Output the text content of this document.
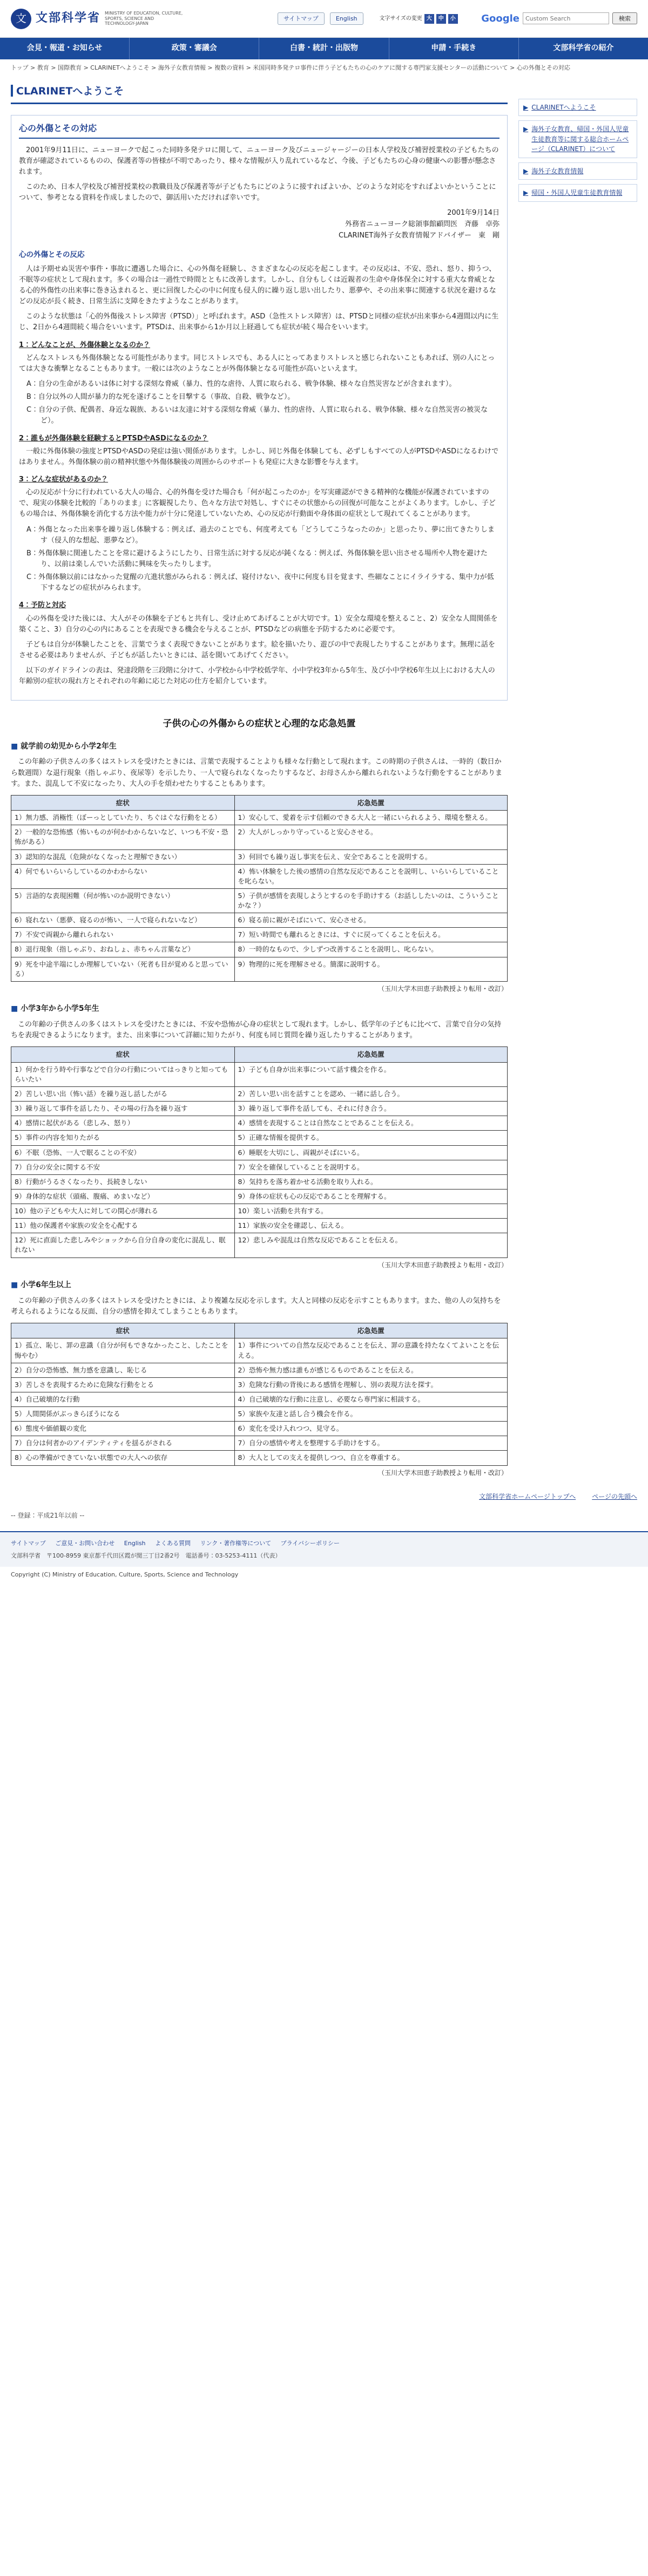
文 文部科学省 MINISTRY OF EDUCATION, CULTURE, SPORTS, SCIENCE AND TECHNOLOGY-JAPAN
サイトマップ	English	文字サイズの変更 大	中	小	Google
Custom Search	検索
会見・報道・お知らせ	政策・審議会	白書・統計・出版物	申請・手続き	文部科学省の紹介
トップ > 教育 > 国際教育 > CLARINETへようこそ > 海外子女教育情報 > 複数の資料 > 米国同時多発テロ事件に伴う子どもたちの心のケアに関する専門家支援センターの活動について > 心の外傷とその対応
CLARINETへようこそ
心の外傷とその対応
2001年9月11日に、ニューヨークで起こった同時多発テロに関して、ニューヨーク及びニュージャージーの日本人学校及び補習授業校の子どもたちの教育が確認されているものの、保護者等の皆様が不明であったり、様々な情報が入り乱れているなど、今後、子どもたちの心身の健康への影響が懸念されます。
このため、日本人学校及び補習授業校の教職員及び保護者等が子どもたちにどのように接すればよいか、どのような対応をすればよいかということについて、参考となる資料を作成しましたので、御活用いただければ幸いです。
2001年9月14日
外務省ニューヨーク総領事館顧問医　斉藤　卓弥
CLARINET海外子女教育情報アドバイザー　東　剛
心の外傷とその反応
人は予期せぬ災害や事件・事故に遭遇した場合に、心の外傷を経験し、さまざまな心の反応を起こします。その反応は、不安、恐れ、怒り、抑うつ、不眠等の症状として現れます。多くの場合は一過性で時間とともに改善します。しかし、自分もしくは近親者の生命や身体保全に対する重大な脅威となる心的外傷性の出来事に巻き込まれると、更に回復した心の中に何度も侵入的に繰り返し思い出したり、悪夢や、その出来事に関連する状況を避けるなどの反応が長く続き、日常生活に支障をきたすようなことがあります。
このような状態は「心的外傷後ストレス障害（PTSD）」と呼ばれます。ASD（急性ストレス障害）は、PTSDと同様の症状が出来事から4週間以内に生じ、2日から4週間続く場合をいいます。PTSDは、出来事から1か月以上経過しても症状が続く場合をいいます。
1：どんなことが、外傷体験となるのか？
どんなストレスも外傷体験となる可能性があります。同じストレスでも、ある人にとってあまりストレスと感じられないこともあれば、別の人にとっては大きな衝撃となることもあります。一般には次のようなことが外傷体験となる可能性が高いといえます。
A：自分の生命があるいは体に対する深刻な脅威（暴力、性的な虐待、人質に取られる、戦争体験、様々な自然災害などが含まれます）。
B：自分以外の人間が暴力的な死を遂げることを目撃する（事故、自殺、戦争など）。
C：自分の子供、配偶者、身近な親族、あるいは友達に対する深刻な脅威（暴力、性的虐待、人質に取られる、戦争体験、様々な自然災害の被災など）。
2：誰もが外傷体験を経験するとPTSDやASDになるのか？
一般に外傷体験の強度とPTSDやASDの発症は強い関係があります。しかし、同じ外傷を体験しても、必ずしもすべての人がPTSDやASDになるわけではありません。外傷体験の前の精神状態や外傷体験後の周囲からのサポートも発症に大きな影響を与えます。
3：どんな症状があるのか？
心の反応が十分に行われている大人の場合、心的外傷を受けた場合も「何が起こったのか」を写実確認ができる精神的な機能が保護されていますので、現実の体験を比較的「ありのまま」に客観視したり、色々な方法で対処し、すぐにその状態からの回復が可能なことがよくあります。しかし、子どもの場合は、外傷体験を消化する方法や能力が十分に発達していないため、心の反応が行動面や身体面の症状として現れてくることがあります。
A：外傷となった出来事を繰り返し体験する：例えば、過去のことでも、何度考えても「どうしてこうなったのか」と思ったり、夢に出てきたりします（侵入的な想起、悪夢など）。
B：外傷体験に関連したことを常に避けるようにしたり、日常生活に対する反応が鈍くなる：例えば、外傷体験を思い出させる場所や人物を避けたり、以前は楽しんでいた活動に興味を失ったりします。
C：外傷体験以前にはなかった覚醒の亢進状態がみられる：例えば、寝付けない、夜中に何度も目を覚ます、些細なことにイライラする、集中力が低下するなどの症状がみられます。
4：予防と対応
心の外傷を受けた後には、大人がその体験を子どもと共有し、受け止めてあげることが大切です。1）安全な環境を整えること、2）安全な人間関係を築くこと、3）自分の心の内にあることを表現できる機会を与えることが、PTSDなどの病態を予防するために必要です。
子どもは自分が体験したことを、言葉でうまく表現できないことがあります。絵を描いたり、遊びの中で表現したりすることがあります。無理に話をさせる必要はありませんが、子どもが話したいときには、話を聞いてあげてください。
以下のガイドラインの表は、発達段階を三段階に分けて、小学校から中学校低学年、小中学校3年から5年生、及び小中学校6年生以上における大人の年齢別の症状の現れ方とそれぞれの年齢に応じた対応の仕方を紹介しています。
子供の心の外傷からの症状と心理的な応急処置
■ 就学前の幼児から小学2年生
この年齢の子供さんの多くはストレスを受けたときには、言葉で表現することよりも様々な行動として現れます。この時期の子供さんは、一時的（数日から数週間）な退行現象（指しゃぶり、夜尿等）を示したり、一人で寝られなくなったりするなど、お母さんから離れられないような行動をすることがあります。また、混乱して不安になったり、大人の手を煩わせたりすることもあります。
症状	応急処置
1）無力感、消極性（ぼーっとしていたり、ちぐはぐな行動をとる）	1）安心して、愛着を示す信頼のできる大人と一緒にいられるよう、環境を整える。
2）一般的な恐怖感（怖いものが何かわからないなど、いつも不安・恐怖がある）	2）大人がしっかり守っていると安心させる。
3）認知的な混乱（危険がなくなったと理解できない）	3）何回でも繰り返し事実を伝え、安全であることを説明する。
4）何でもいらいらしているのかわからない	4）怖い体験をした後の感情の自然な反応であることを説明し、いらいらしていることを叱らない。
5）言語的な表現困難（何が怖いのか説明できない）	5）子供が感情を表現しようとするのを手助けする（お話ししたいのは、こういうことかな？）
6）寝れない（悪夢、寝るのが怖い、一人で寝られないなど）	6）寝る前に親がそばにいて、安心させる。
7）不安で両親から離れられない	7）短い時間でも離れるときには、すぐに戻ってくることを伝える。
8）退行現象（指しゃぶり、おねしょ、赤ちゃん言葉など）	8）一時的なもので、少しずつ改善することを説明し、叱らない。
9）死を中途半端にしか理解していない（死者も目が覚めると思っている）	9）物理的に死を理解させる。簡潔に説明する。
（玉川大学木田恵子助教授より転用・改訂）
■ 小学3年から小学5年生
この年齢の子供さんの多くはストレスを受けたときには、不安や恐怖が心身の症状として現れます。しかし、低学年の子どもに比べて、言葉で自分の気持ちを表現できるようになります。また、出来事について詳細に知りたがり、何度も同じ質問を繰り返したりすることがあります。
症状	応急処置
1）何かを行う時や行事などで自分の行動についてはっきりと知ってもらいたい	1）子ども自身が出来事について話す機会を作る。
2）苦しい思い出（怖い話）を繰り返し話したがる	2）苦しい思い出を話すことを認め、一緒に話し合う。
3）繰り返して事件を話したり、その場の行為を繰り返す	3）繰り返して事件を話しても、それに付き合う。
4）感情に起伏がある（悲しみ、怒り）	4）感情を表現することは自然なことであることを伝える。
5）事件の内容を知りたがる	5）正確な情報を提供する。
6）不眠（恐怖、一人で眠ることの不安）	6）睡眠を大切にし、両親がそばにいる。
7）自分の安全に関する不安	7）安全を確保していることを説明する。
8）行動がうるさくなったり、長続きしない	8）気持ちを落ち着かせる活動を取り入れる。
9）身体的な症状（頭痛、腹痛、めまいなど）	9）身体の症状も心の反応であることを理解する。
10）他の子どもや大人に対しての関心が薄れる	10）楽しい活動を共有する。
11）他の保護者や家族の安全を心配する	11）家族の安全を確認し、伝える。
12）死に直面した悲しみやショックから自分自身の変化に混乱し、眠れない	12）悲しみや混乱は自然な反応であることを伝える。
（玉川大学木田恵子助教授より転用・改訂）
■ 小学6年生以上
この年齢の子供さんの多くはストレスを受けたときには、より複雑な反応を示します。大人と同様の反応を示すこともあります。また、他の人の気持ちを考えられるようになる反面、自分の感情を抑えてしまうこともあります。
症状	応急処置
1）孤立、恥じ、罪の意識（自分が何もできなかったこと、したことを悔やむ）	1）事件についての自然な反応であることを伝え、罪の意識を持たなくてよいことを伝える。
2）自分の恐怖感、無力感を意識し、恥じる	2）恐怖や無力感は誰もが感じるものであることを伝える。
3）苦しさを表現するために危険な行動をとる	3）危険な行動の背後にある感情を理解し、別の表現方法を探す。
4）自己破壊的な行動	4）自己破壊的な行動に注意し、必要なら専門家に相談する。
5）人間関係がぶっきらぼうになる	5）家族や友達と話し合う機会を作る。
6）態度や価値観の変化	6）変化を受け入れつつ、見守る。
7）自分は何者かのアイデンティティを揺るがされる	7）自分の感情や考えを整理する手助けをする。
8）心の準備ができていない状態での大人への依存	8）大人としての支えを提供しつつ、自立を尊重する。
（玉川大学木田恵子助教授より転用・改訂）
▶ CLARINETへようこそ
▶ 海外子女教育、帰国・外国人児童生徒教育等に関する総合ホームページ（CLARINET）について
▶ 海外子女教育情報
▶ 帰国・外国人児童生徒教育情報
文部科学省ホームページトップへ	ページの先頭へ
-- 登録：平成21年以前 --
サイトマップ ご意見・お問い合わせ English よくある質問 リンク・著作権等について プライバシーポリシー
文部科学省　〒100-8959 東京都千代田区霞が関三丁目2番2号　電話番号：03-5253-4111（代表）
Copyright (C) Ministry of Education, Culture, Sports, Science and Technology
